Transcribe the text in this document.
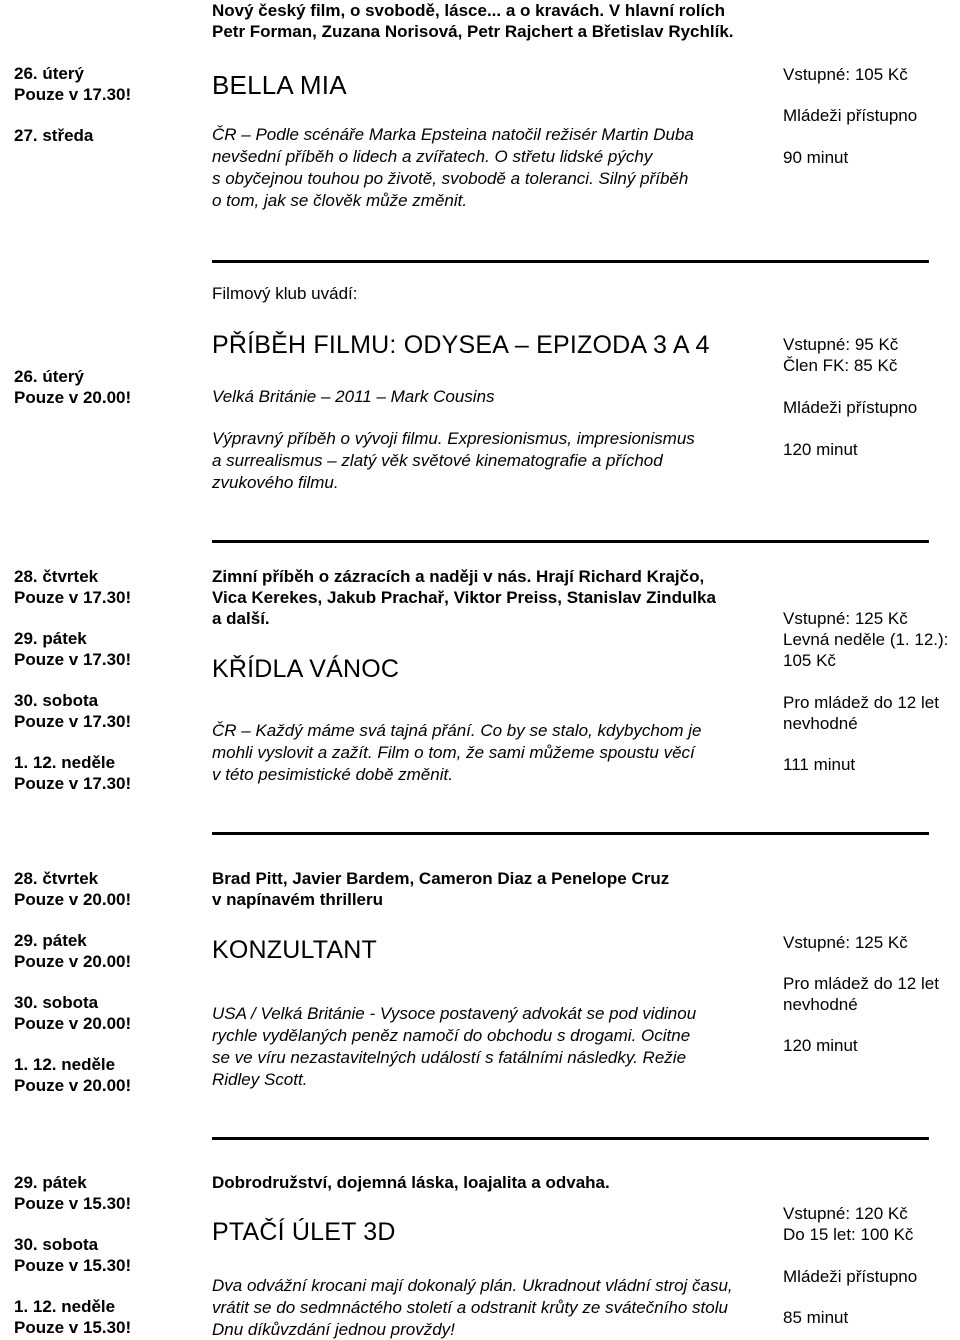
Nový český film, o svobodě, lásce... a o kravách. V hlavní rolích
Petr Forman, Zuzana Norisová, Petr Rajchert a Břetislav Rychlík.
26. úterý
Pouze v 17.30!
27. středa
BELLA MIA
ČR – Podle scénáře Marka Epsteina natočil režisér Martin Duba
nevšední příběh o lidech a zvířatech. O střetu lidské pýchy
s obyčejnou touhou po životě, svobodě a toleranci. Silný příběh
o tom, jak se člověk může změnit.
Vstupné: 105 Kč
Mládeži přístupno
90 minut
Filmový klub uvádí:
26. úterý
Pouze v 20.00!
PŘÍBĚH FILMU: ODYSEA – EPIZODA 3 A 4
Velká Británie – 2011 – Mark Cousins
Výpravný příběh o vývoji filmu. Expresionismus, impresionismus
a surrealismus – zlatý věk světové kinematografie a příchod
zvukového filmu.
Vstupné: 95 Kč
Člen FK: 85 Kč
Mládeži přístupno
120 minut
28. čtvrtek
Pouze v 17.30!
29. pátek
Pouze v 17.30!
30. sobota
Pouze v 17.30!
1. 12. neděle
Pouze v 17.30!
Zimní příběh o zázracích a naději v nás. Hrají Richard Krajčo,
Vica Kerekes, Jakub Prachař, Viktor Preiss, Stanislav Zindulka
a další.
KŘÍDLA VÁNOC
ČR – Každý máme svá tajná přání. Co by se stalo, kdybychom je
mohli vyslovit a zažít. Film o tom, že sami můžeme spoustu věcí
v této pesimistické době změnit.
Vstupné: 125 Kč
Levná neděle (1. 12.):
105 Kč
Pro mládež do 12 let
nevhodné
111 minut
28. čtvrtek
Pouze v 20.00!
29. pátek
Pouze v 20.00!
30. sobota
Pouze v 20.00!
1. 12. neděle
Pouze v 20.00!
Brad Pitt, Javier Bardem, Cameron Diaz a Penelope Cruz
v napínavém thrilleru
KONZULTANT
USA / Velká Británie - Vysoce postavený advokát se pod vidinou
rychle vydělaných peněz namočí do obchodu s drogami. Ocitne
se ve víru nezastavitelných událostí s fatálními následky. Režie
Ridley Scott.
Vstupné: 125 Kč
Pro mládež do 12 let
nevhodné
120 minut
29. pátek
Pouze v 15.30!
30. sobota
Pouze v 15.30!
1. 12. neděle
Pouze v 15.30!
Dobrodružství, dojemná láska, loajalita a odvaha.
PTAČÍ ÚLET 3D
Dva odvážní krocani mají dokonalý plán. Ukradnout vládní stroj času,
vrátit se do sedmnáctého století a odstranit krůty ze svátečního stolu
Dnu díkůvzdání jednou provždy!
Vstupné: 120 Kč
Do 15 let: 100 Kč
Mládeži přístupno
85 minut
